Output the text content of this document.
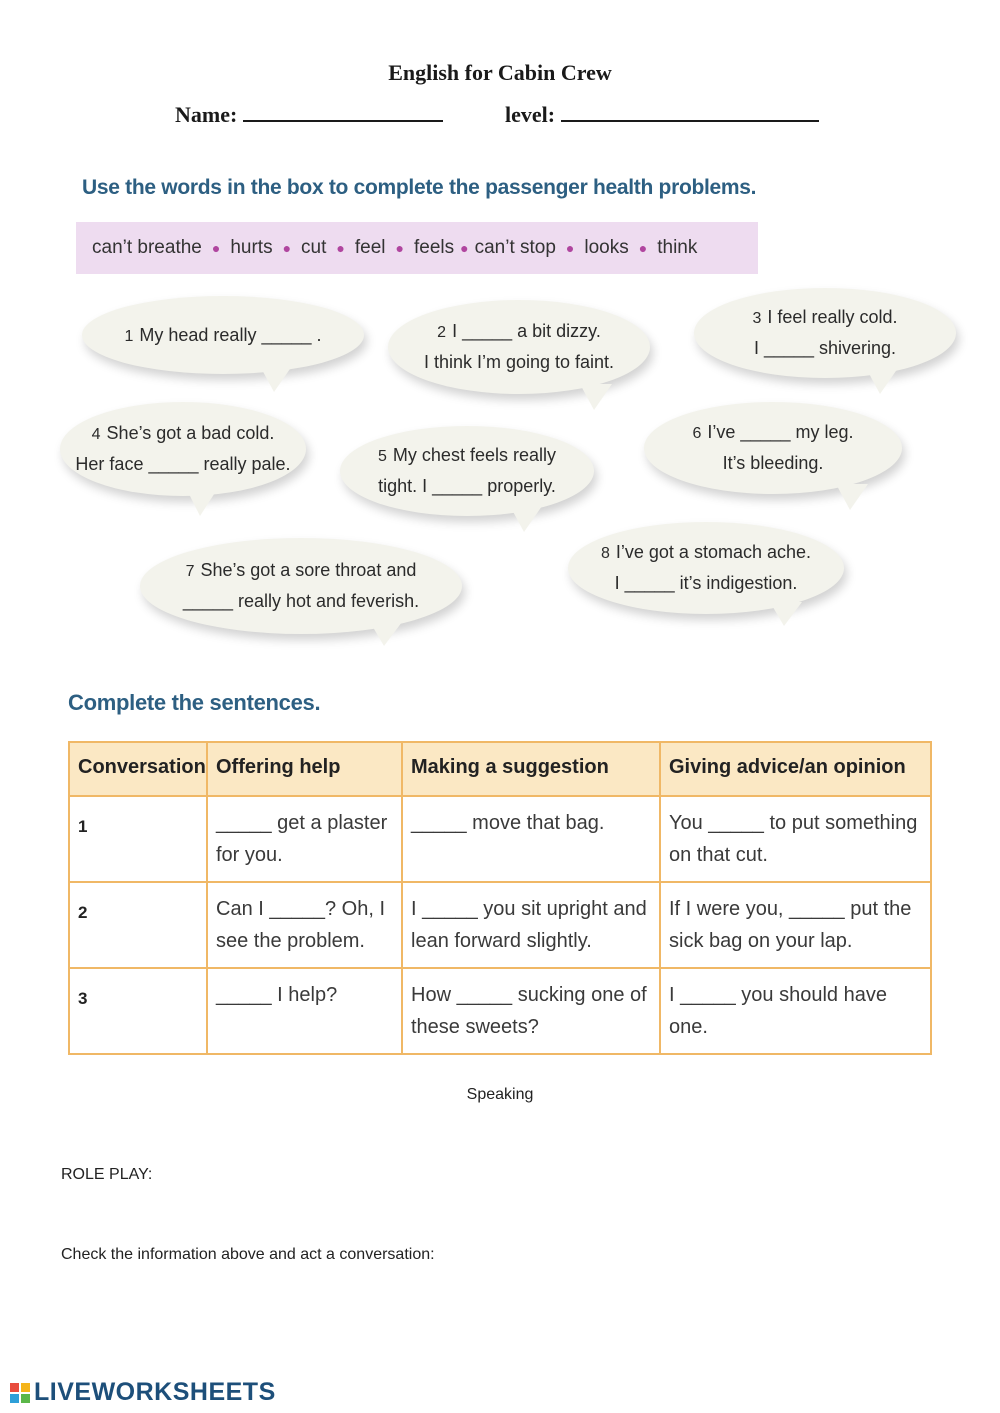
English for Cabin Crew
Name:	level:
Use the words in the box to complete the passenger health problems.
can’t breathe ● hurts ● cut ● feel ● feels ● can’t stop ● looks ● think
1 My head really _____ .	2 I _____ a bit dizzy.
I think I’m going to faint.
3 I feel really cold.
I _____ shivering.
4 She’s got a bad cold.
Her face _____ really pale.	5 My chest feels really
tight. I _____ properly.
6 I’ve _____ my leg.
It’s bleeding.
7 She’s got a sore throat and
_____ really hot and feverish.
8 I’ve got a stomach ache.
I _____ it’s indigestion.
Complete the sentences.
Conversation	Offering help	Making a suggestion	Giving advice/an opinion
1	_____ get a plaster for you.	_____ move that bag.	You _____ to put something on that cut.
2	Can I _____? Oh, I see the problem.	I _____ you sit upright and lean forward slightly.	If I were you, _____ put the sick bag on your lap.
3	_____ I help?	How _____ sucking one of these sweets?	I _____ you should have one.
Speaking
ROLE PLAY:
Check the information above and act a conversation:
LIVEWORKSHEETS
